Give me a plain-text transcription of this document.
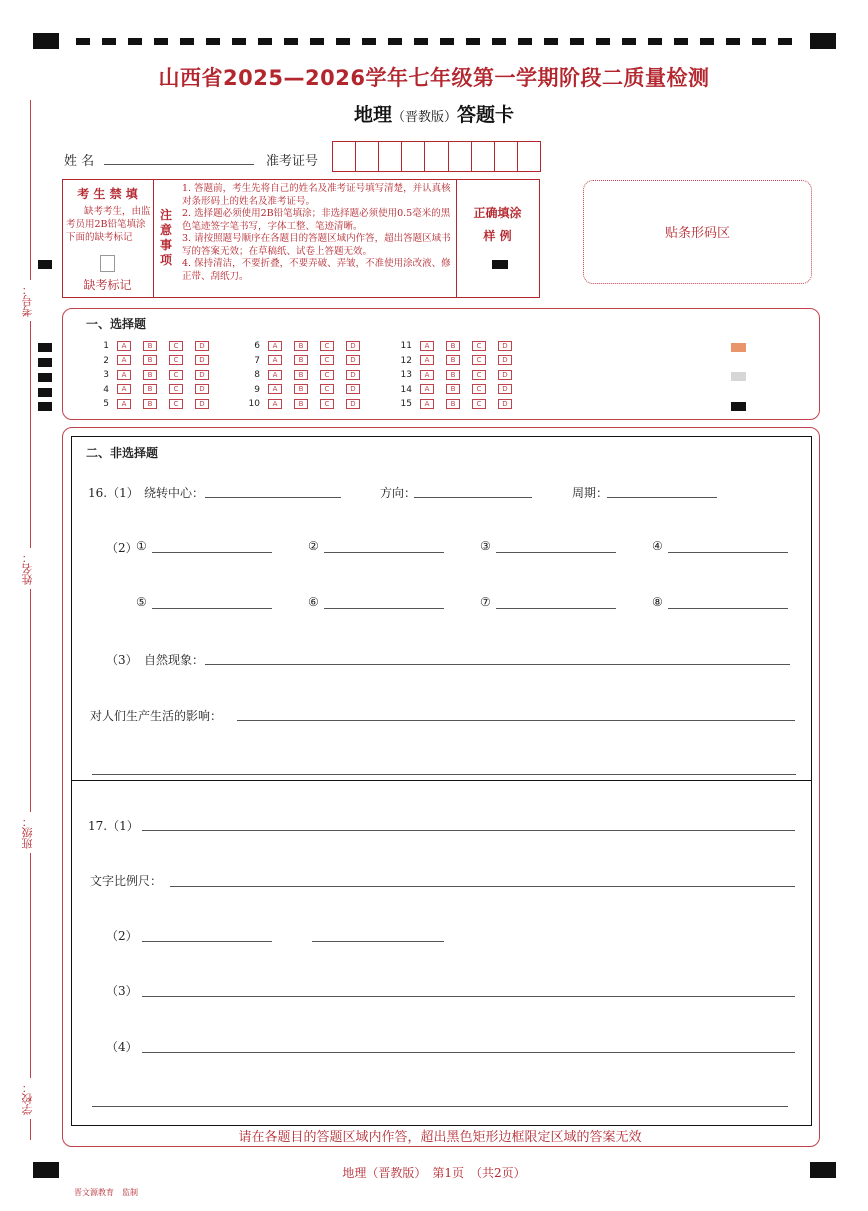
山西省2025—2026学年七年级第一学期阶段二质量检测
地理（晋教版）答题卡
考号：
姓名：
班级：
学校：
姓 名	准考证号
考 生 禁 填
缺考考生，由监考员用2B铅笔填涂下面的缺考标记
缺考标记
注意事项
1. 答题前，考生先将自己的姓名及准考证号填写清楚，并认真核对条形码上的姓名及准考证号。
2. 选择题必须使用2B铅笔填涂；非选择题必须使用0.5毫米的黑色笔迹签字笔书写，字体工整、笔迹清晰。
3. 请按照题号顺序在各题目的答题区域内作答，超出答题区域书写的答案无效；在草稿纸、试卷上答题无效。
4. 保持清洁，不要折叠，不要弄破、弄皱，不准使用涂改液、修正带、刮纸刀。
正确填涂
样 例	贴条形码区
一、选择题
1 A	B	C	D
2 A	B	C	D
3 A	B	C	D
4 A	B	C	D
5 A	B	C	D
6 A	B	C	D
7 A	B	C	D
8 A	B	C	D
9 A	B	C	D
10 A	B	C	D
11 A	B	C	D
12 A	B	C	D
13 A	B	C	D
14 A	B	C	D
15 A	B	C	D
二、非选择题
16.（1） 绕转中心：	方向：	周期：
（2）
①	②	③	④
⑤	⑥	⑦	⑧
（3） 自然现象：
对人们生产生活的影响：
17.（1）
文字比例尺：
（2）
（3）
（4）
请在各题目的答题区域内作答，超出黑色矩形边框限定区域的答案无效
地理（晋教版）　第1页　（共2页）
晋文源教育　监制
